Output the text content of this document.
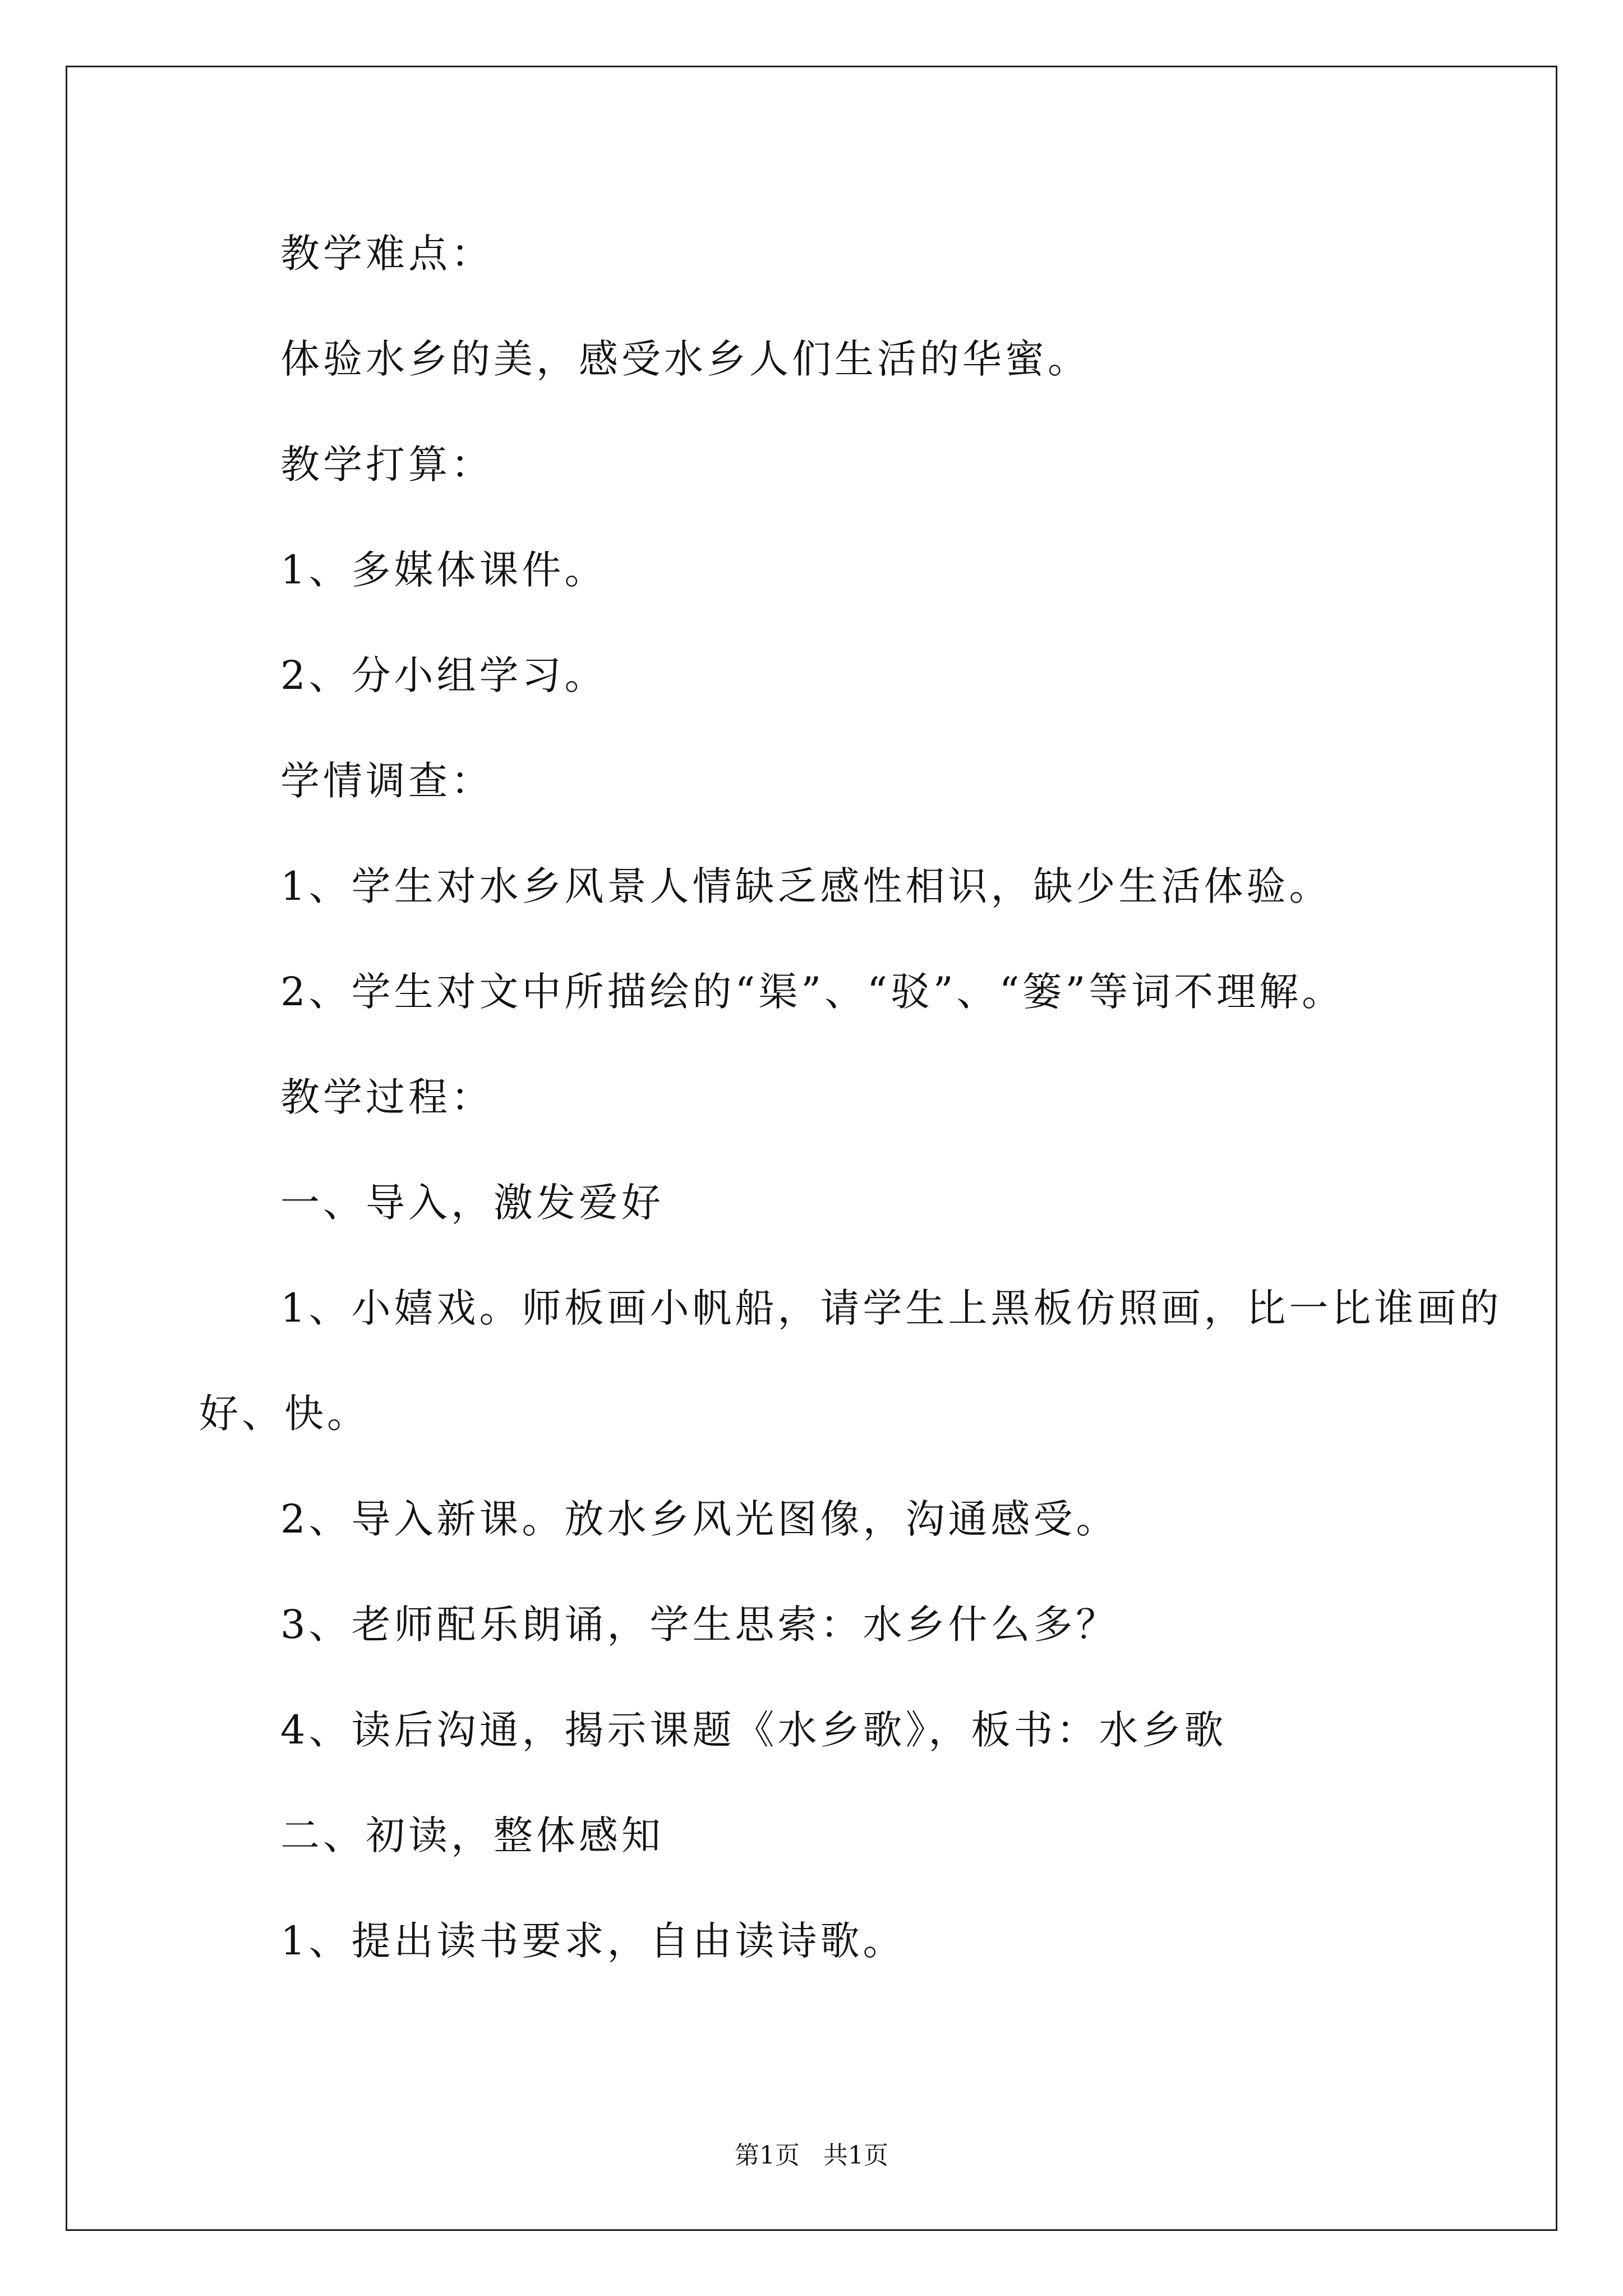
教学难点：
体验水乡的美，感受水乡人们生活的华蜜。
教学打算：
1、多媒体课件。
2、分小组学习。
学情调查：
1、学生对水乡风景人情缺乏感性相识，缺少生活体验。
2、学生对文中所描绘的“渠”、“驳”、“篓”等词不理解。
教学过程：
一、导入，激发爱好
1、小嬉戏。师板画小帆船，请学生上黑板仿照画，比一比谁画的
好、快。
2、导入新课。放水乡风光图像，沟通感受。
3、老师配乐朗诵，学生思索：水乡什么多？
4、读后沟通，揭示课题《水乡歌》，板书：水乡歌
二、初读，整体感知
1、提出读书要求，自由读诗歌。
第1页   共1页
